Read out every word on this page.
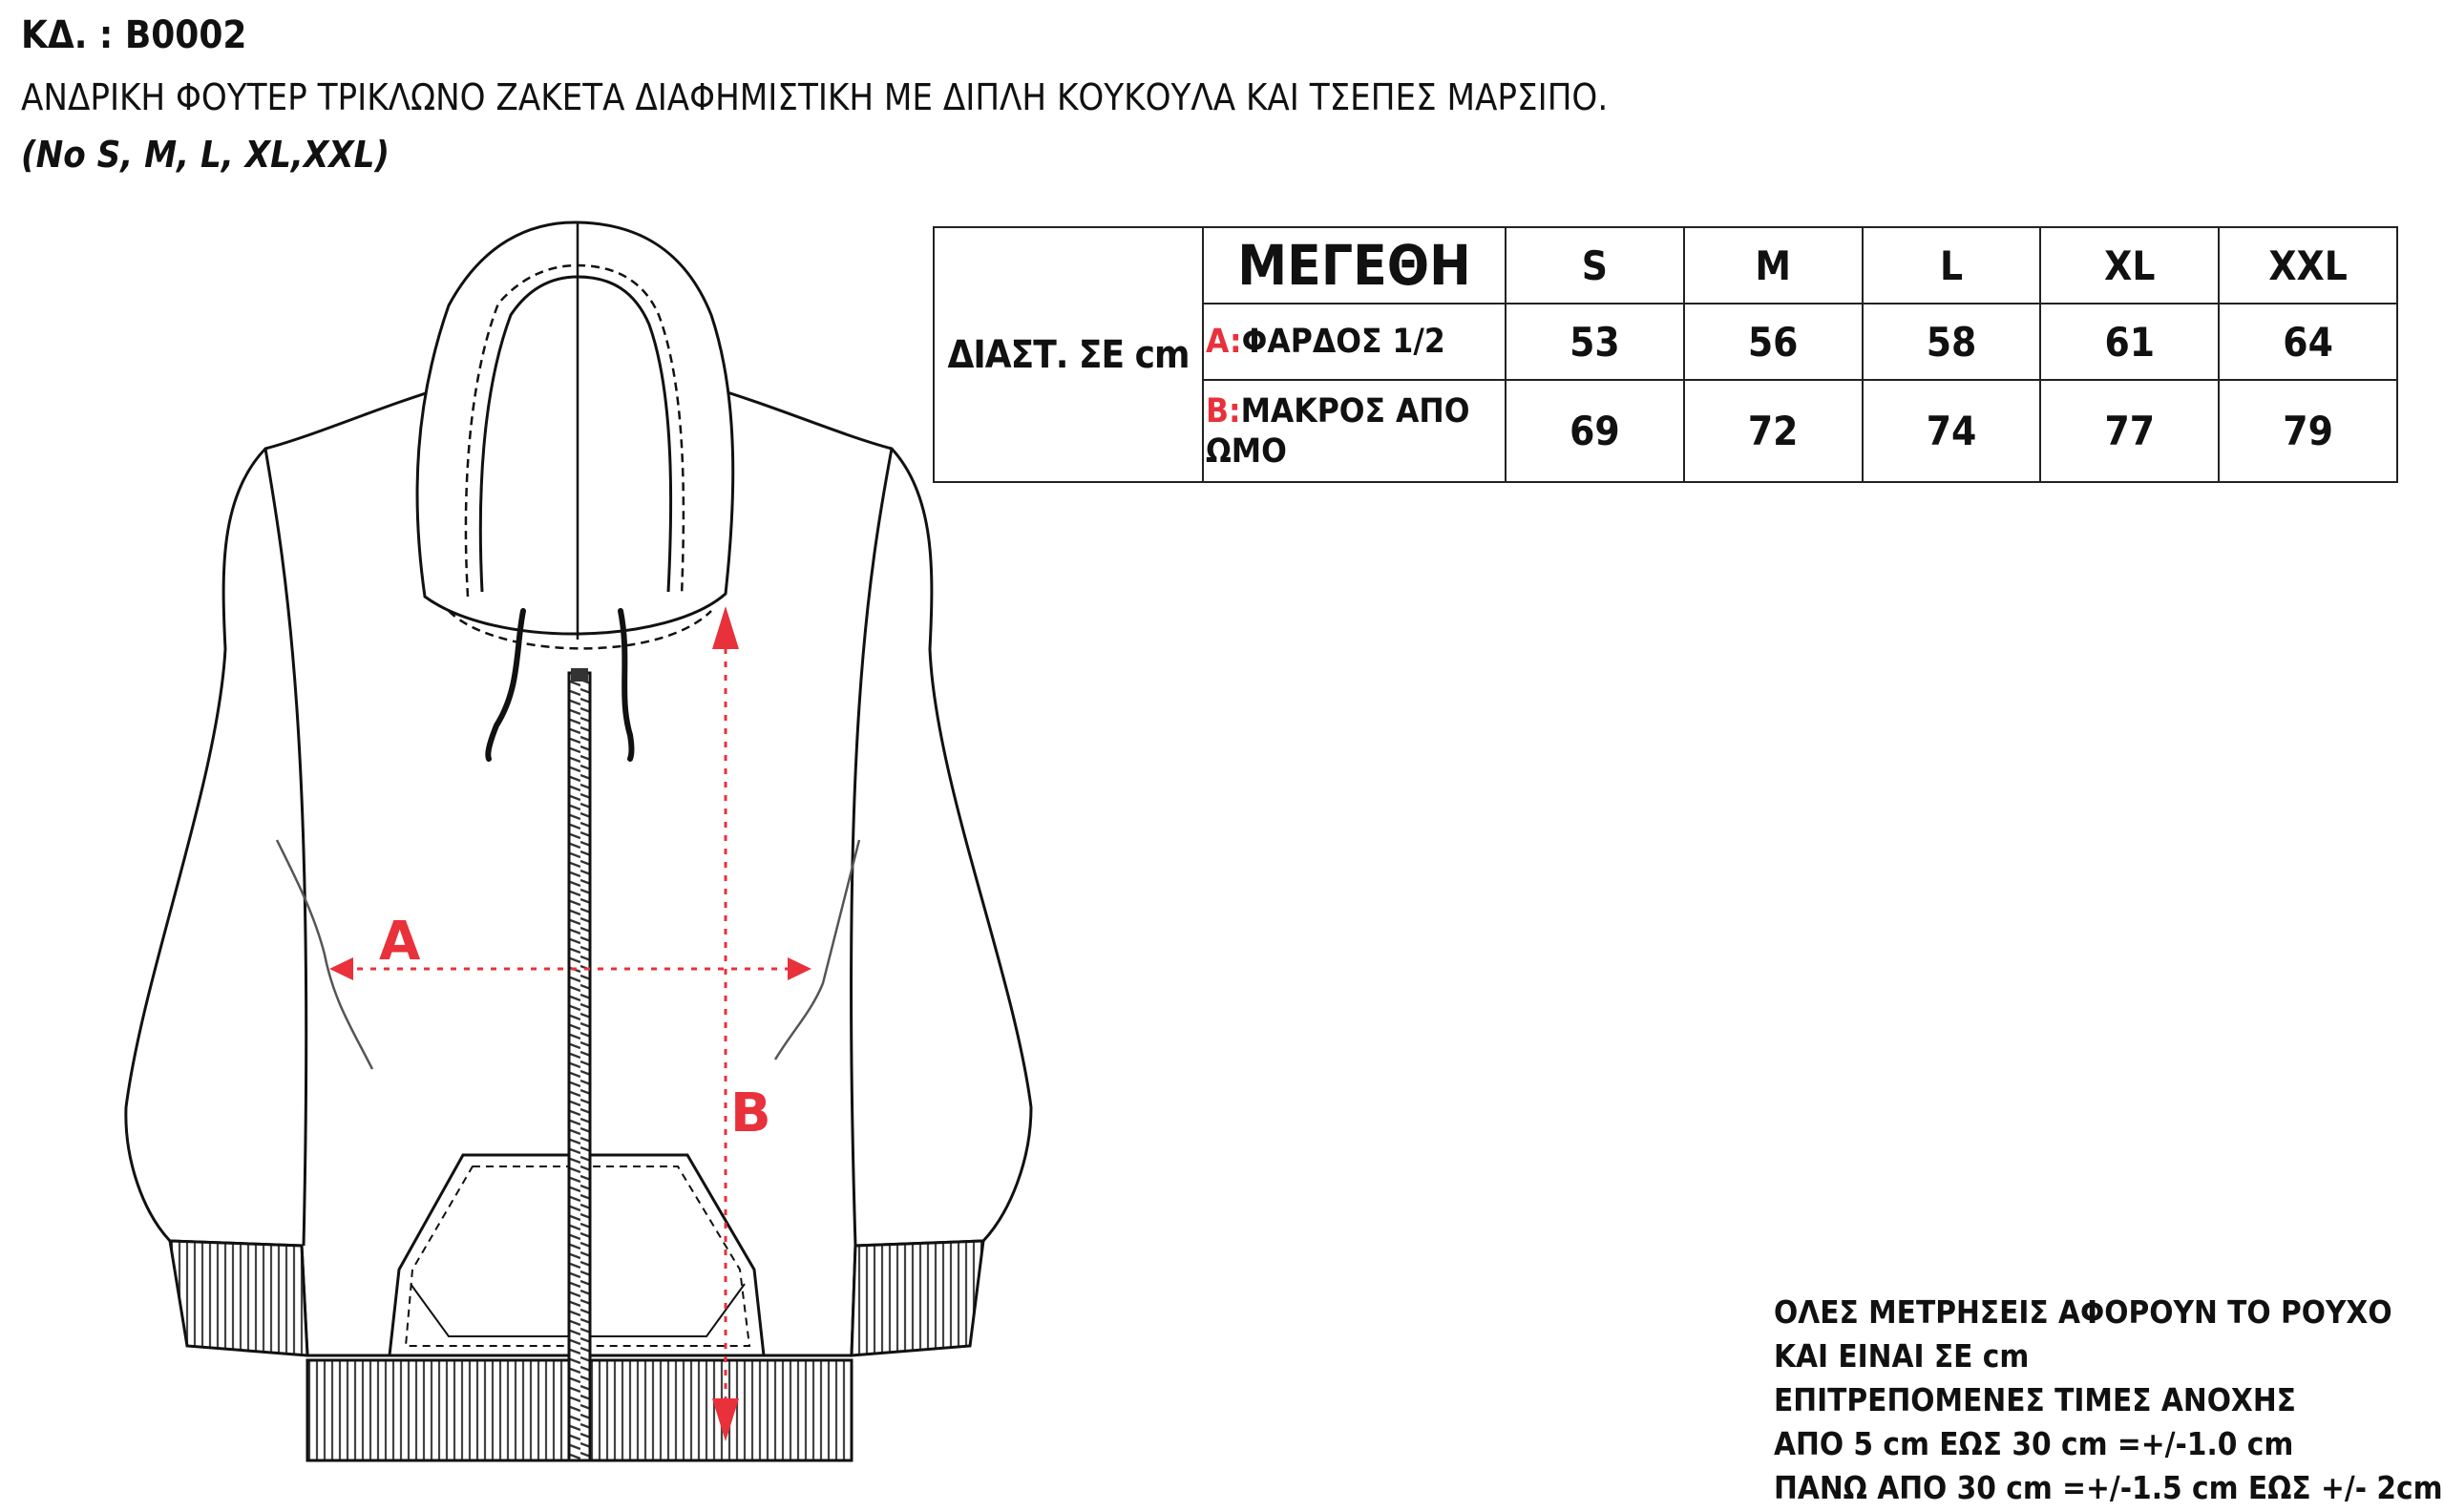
ΚΔ. : B0002
ΑΝΔΡΙΚΗ ΦΟΥΤΕΡ ΤΡΙΚΛΩΝΟ ΖΑΚΕΤΑ ΔΙΑΦΗΜΙΣΤΙΚΗ ΜΕ ΔΙΠΛΗ ΚΟΥΚΟΥΛΑ ΚΑΙ ΤΣΕΠΕΣ ΜΑΡΣΙΠΟ.
(No S, M, L, XL,XXL)
A
B
ΔΙΑΣΤ. ΣΕ cm	ΜΕΓΕΘΗ	S	M	L	XL	XXL
	A:ΦΑΡΔΟΣ 1/2	53	56	58	61	64
	B:ΜΑΚΡΟΣ ΑΠΟ ΩΜΟ	69	72	74	77	79
ΟΛΕΣ ΜΕΤΡΗΣΕΙΣ ΑΦΟΡΟΥΝ ΤΟ ΡΟΥΧΟ
ΚΑΙ ΕΙΝΑΙ ΣΕ cm
ΕΠΙΤΡΕΠΟΜΕΝΕΣ ΤΙΜΕΣ ΑΝΟΧΗΣ
ΑΠΟ 5 cm ΕΩΣ 30 cm =+/-1.0 cm
ΠΑΝΩ ΑΠΟ 30 cm =+/-1.5 cm ΕΩΣ +/- 2cm
